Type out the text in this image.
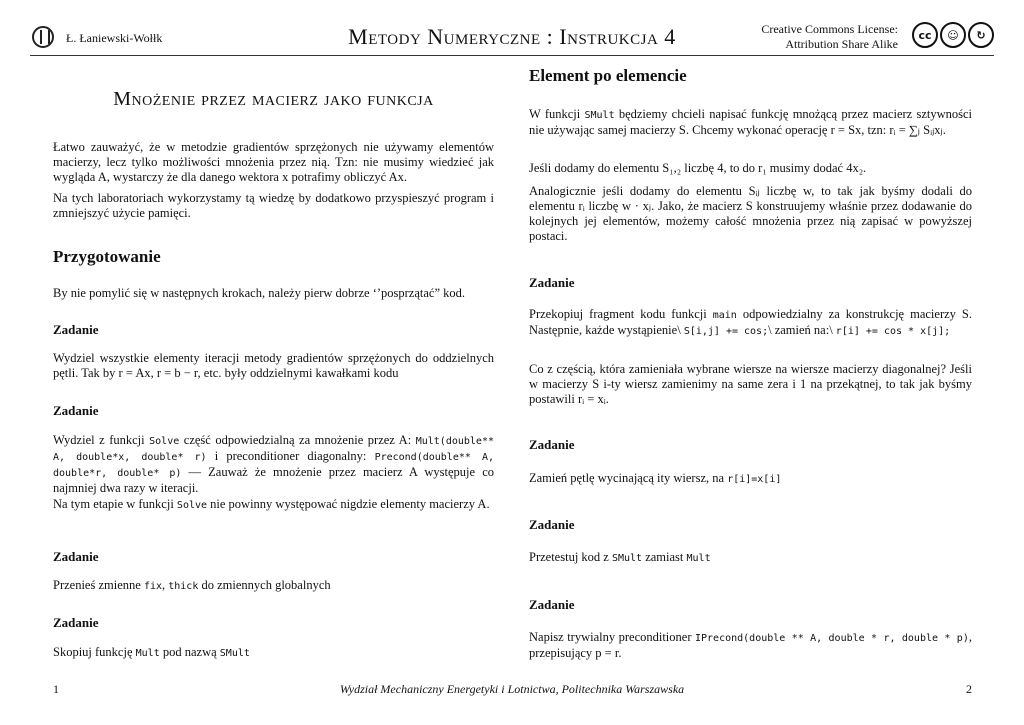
Ł. Łaniewski-Wołłk	Metody Numeryczne : Instrukcja 4	Creative Commons License:
Attribution Share Alike
cc	☺	↻
Mnożenie przez macierz jako funkcja
Łatwo zauważyć, że w metodzie gradientów sprzężonych nie używamy elementów macierzy, lecz tylko możliwości mnożenia przez nią. Tzn: nie musimy wiedzieć jak wygląda A, wystarczy że dla danego wektora x potrafimy obliczyć Ax.
Na tych laboratoriach wykorzystamy tą wiedzę by dodatkowo przyspieszyć program i zmniejszyć użycie pamięci.
Przygotowanie
By nie pomylić się w następnych krokach, należy pierw dobrze ‘’posprzątać” kod.
Zadanie
Wydziel wszystkie elementy iteracji metody gradientów sprzężonych do oddzielnych pętli. Tak by r = Ax, r = b − r, etc. były oddzielnymi kawałkami kodu
Zadanie
Wydziel z funkcji Solve część odpowiedzialną za mnożenie przez A: Mult(double** A, double*x, double* r) i preconditioner diagonalny: Precond(double** A, double*r, double* p) — Zauważ że mnożenie przez macierz A występuje co najmniej dwa razy w iteracji.
Na tym etapie w funkcji Solve nie powinny występować nigdzie elementy macierzy A.
Zadanie
Przenieś zmienne fix, thick do zmiennych globalnych
Zadanie
Skopiuj funkcję Mult pod nazwą SMult
Element po elemencie
W funkcji SMult będziemy chcieli napisać funkcję mnożącą przez macierz sztywności nie używając samej macierzy S. Chcemy wykonać operację r = Sx, tzn: rᵢ = ∑ⱼ Sᵢⱼxⱼ.
Jeśli dodamy do elementu S₁,₂ liczbę 4, to do r₁ musimy dodać 4x₂.
Analogicznie jeśli dodamy do elementu Sᵢⱼ liczbę w, to tak jak byśmy dodali do elementu rᵢ liczbę w · xⱼ. Jako, że macierz S konstruujemy właśnie przez dodawanie do kolejnych jej elementów, możemy całość mnożenia przez nią zapisać w powyższej postaci.
Zadanie
Przekopiuj fragment kodu funkcji main odpowiedzialny za konstrukcję macierzy S. Następnie, każde wystąpienie\ S[i,j] += cos;\ zamień na:\ r[i] += cos * x[j];
Co z częścią, która zamieniała wybrane wiersze na wiersze macierzy diagonalnej? Jeśli w macierzy S i-ty wiersz zamienimy na same zera i 1 na przekątnej, to tak jak byśmy postawili rᵢ = xᵢ.
Zadanie
Zamień pętlę wycinającą i‌ty wiersz, na r[i]=x[i]
Zadanie
Przetestuj kod z SMult zamiast Mult
Zadanie
Napisz trywialny preconditioner IPrecond(double ** A, double * r, double * p), przepisujący p = r.
1	Wydział Mechaniczny Energetyki i Lotnictwa, Politechnika Warszawska	2
